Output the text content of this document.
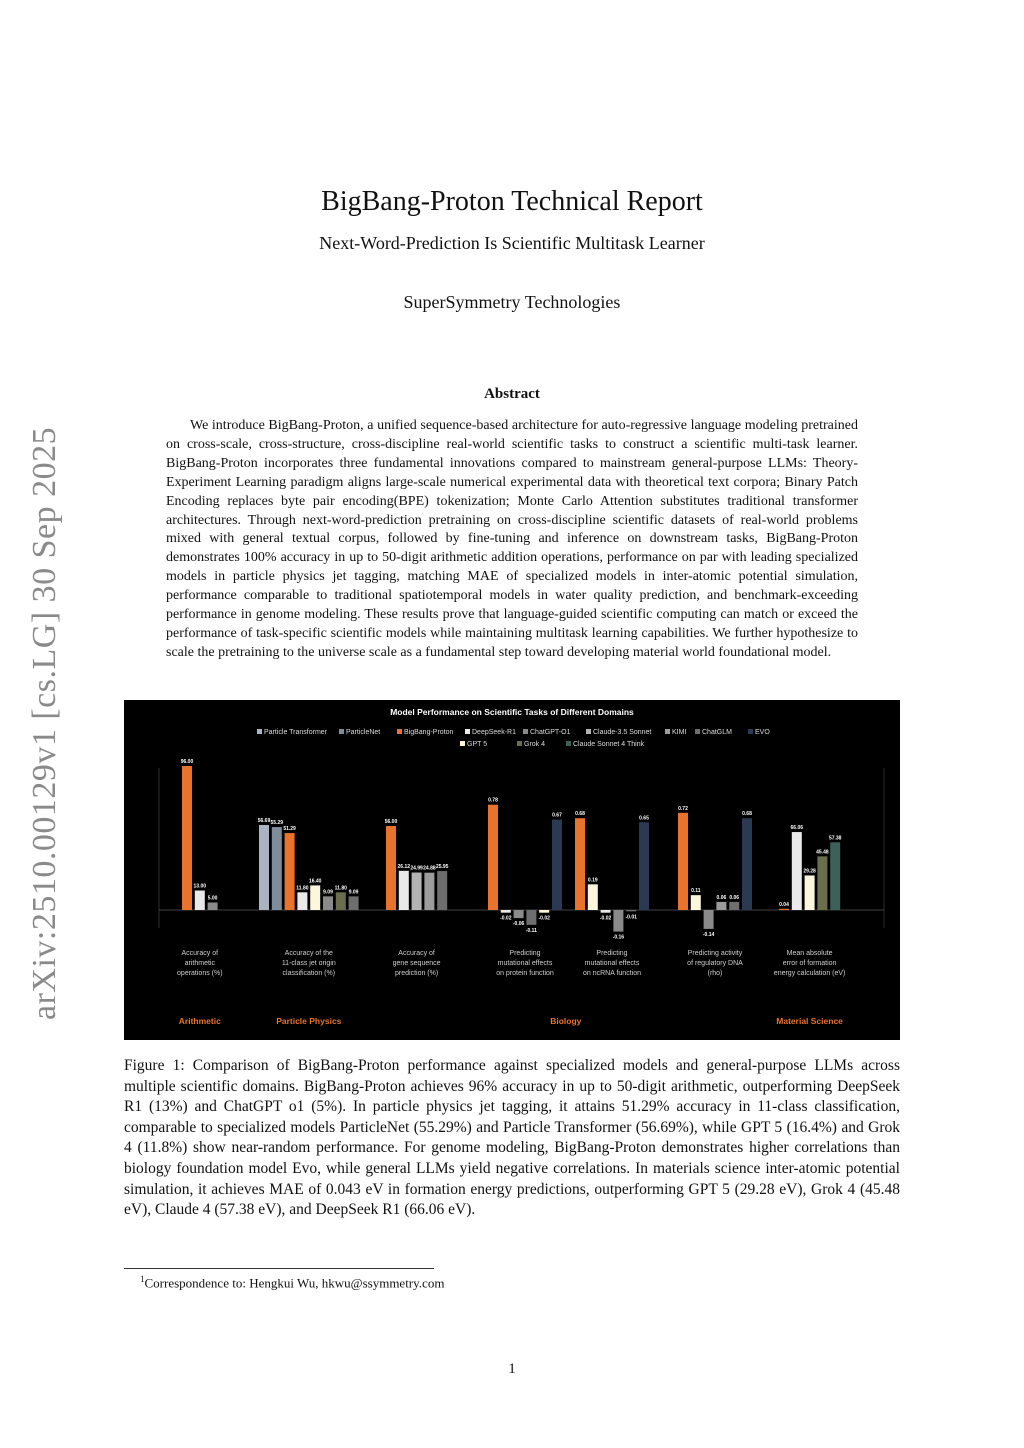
BigBang-Proton Technical Report
Next-Word-Prediction Is Scientific Multitask Learner
SuperSymmetry Technologies
Abstract
We introduce BigBang-Proton, a unified sequence-based architecture for auto-regressive language modeling pretrained on cross-scale, cross-structure, cross-discipline real-world scientific tasks to construct a scientific multi-task learner. BigBang-Proton incorporates three fundamental innovations compared to mainstream general-purpose LLMs: Theory-Experiment Learning paradigm aligns large-scale numerical experimental data with theoretical text corpora; Binary Patch Encoding replaces byte pair encoding(BPE) tokenization; Monte Carlo Attention substitutes traditional transformer architectures. Through next-word-prediction pretraining on cross-discipline scientific datasets of real-world problems mixed with general textual corpus, followed by fine-tuning and inference on downstream tasks, BigBang-Proton demonstrates 100% accuracy in up to 50-digit arithmetic addition operations, performance on par with leading specialized models in particle physics jet tagging, matching MAE of specialized models in inter-atomic potential simulation, performance comparable to traditional spatiotemporal models in water quality prediction, and benchmark-exceeding performance in genome modeling. These results prove that language-guided scientific computing can match or exceed the performance of task-specific scientific models while maintaining multitask learning capabilities. We further hypothesize to scale the pretraining to the universe scale as a fundamental step toward developing material world foundational model.
arXiv:2510.00129v1 [cs.LG] 30 Sep 2025	Model Performance on Scientific Tasks of Different Domains
Particle Transformer	ParticleNet	BigBang-Proton	DeepSeek-R1 ChatGPT-O1	Claude-3.5 Sonnet	KIMI ChatGLM	EVO
GPT 5	Grok 4	Claude Sonnet 4 Think
96.00
13.00
5.00
Accuracy of
arithmetic
operations (%)
56.69 55.29
51.29
11.80
16.40
9.09
11.80
9.09
Accuracy of the
11-class jet origin
classification (%)
56.00
26.12 24.99 24.88 25.95
Accuracy of
gene sequence
prediction (%)
0.78
-0.02
-0.06
-0.11
-0.02
0.67
Predicting
mutational effects
on protein function
0.68
0.19
-0.02
-0.16
-0.01
0.65
Predicting
mutational effects
on ncRNA function
0.72
0.11
-0.14
0.06 0.06
0.68
Predicting activity
of regulatory DNA
(rho)
0.04
66.06
29.28
45.48
57.38
Mean absolute
error of formation
energy calculation (eV)
Arithmetic	Particle Physics	Biology	Material Science
Figure 1: Comparison of BigBang-Proton performance against specialized models and general-purpose LLMs across multiple scientific domains. BigBang-Proton achieves 96% accuracy in up to 50-digit arithmetic, outperforming DeepSeek R1 (13%) and ChatGPT o1 (5%). In particle physics jet tagging, it attains 51.29% accuracy in 11-class classification, comparable to specialized models ParticleNet (55.29%) and Particle Transformer (56.69%), while GPT 5 (16.4%) and Grok 4 (11.8%) show near-random performance. For genome modeling, BigBang-Proton demonstrates higher correlations than biology foundation model Evo, while general LLMs yield negative correlations. In materials science inter-atomic potential simulation, it achieves MAE of 0.043 eV in formation energy predictions, outperforming GPT 5 (29.28 eV), Grok 4 (45.48 eV), Claude 4 (57.38 eV), and DeepSeek R1 (66.06 eV).
$^1$Correspondence to: Hengkui Wu, hkwu@ssymmetry.com
1
